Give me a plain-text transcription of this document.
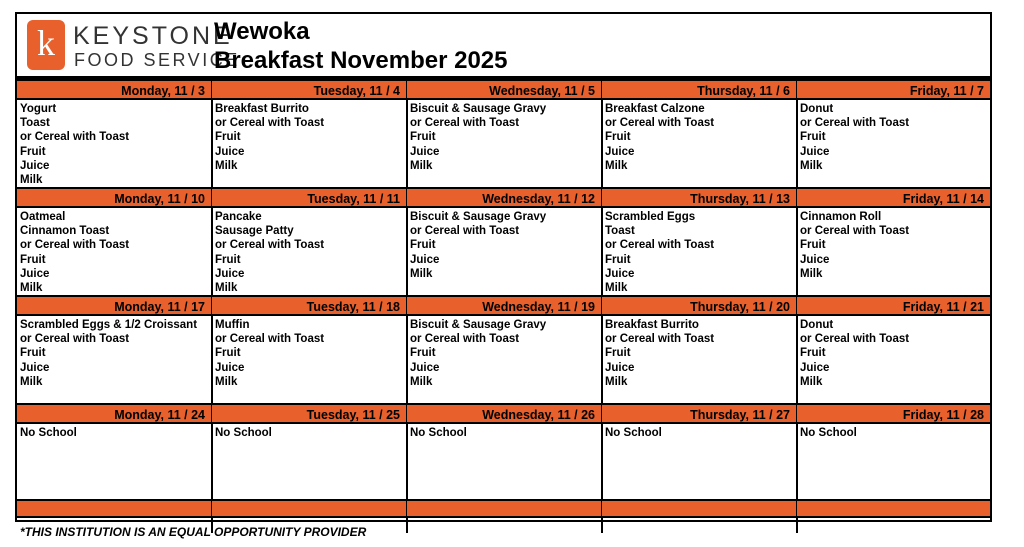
k KEYSTONE
FOOD SERVICE
Wewoka
Breakfast November 2025
Monday, 11 / 3
Yogurt
Toast
or Cereal with Toast
Fruit
Juice
Milk
Tuesday, 11 / 4
Breakfast Burrito
or Cereal with Toast
Fruit
Juice
Milk
Wednesday, 11 / 5
Biscuit & Sausage Gravy
or Cereal with Toast
Fruit
Juice
Milk
Thursday, 11 / 6
Breakfast Calzone
or Cereal with Toast
Fruit
Juice
Milk
Friday, 11 / 7
Donut
or Cereal with Toast
Fruit
Juice
Milk
Monday, 11 / 10
Oatmeal
Cinnamon Toast
or Cereal with Toast
Fruit
Juice
Milk
Tuesday, 11 / 11
Pancake
Sausage Patty
or Cereal with Toast
Fruit
Juice
Milk
Wednesday, 11 / 12
Biscuit & Sausage Gravy
or Cereal with Toast
Fruit
Juice
Milk
Thursday, 11 / 13
Scrambled Eggs
Toast
or Cereal with Toast
Fruit
Juice
Milk
Friday, 11 / 14
Cinnamon Roll
or Cereal with Toast
Fruit
Juice
Milk
Monday, 11 / 17
Scrambled Eggs & 1/2 Croissant
or Cereal with Toast
Fruit
Juice
Milk
Tuesday, 11 / 18
Muffin
or Cereal with Toast
Fruit
Juice
Milk
Wednesday, 11 / 19
Biscuit & Sausage Gravy
or Cereal with Toast
Fruit
Juice
Milk
Thursday, 11 / 20
Breakfast Burrito
or Cereal with Toast
Fruit
Juice
Milk
Friday, 11 / 21
Donut
or Cereal with Toast
Fruit
Juice
Milk
Monday, 11 / 24
No School
Tuesday, 11 / 25
No School
Wednesday, 11 / 26
No School
Thursday, 11 / 27
No School
Friday, 11 / 28
No School
*THIS INSTITUTION IS AN EQUAL OPPORTUNITY PROVIDER
